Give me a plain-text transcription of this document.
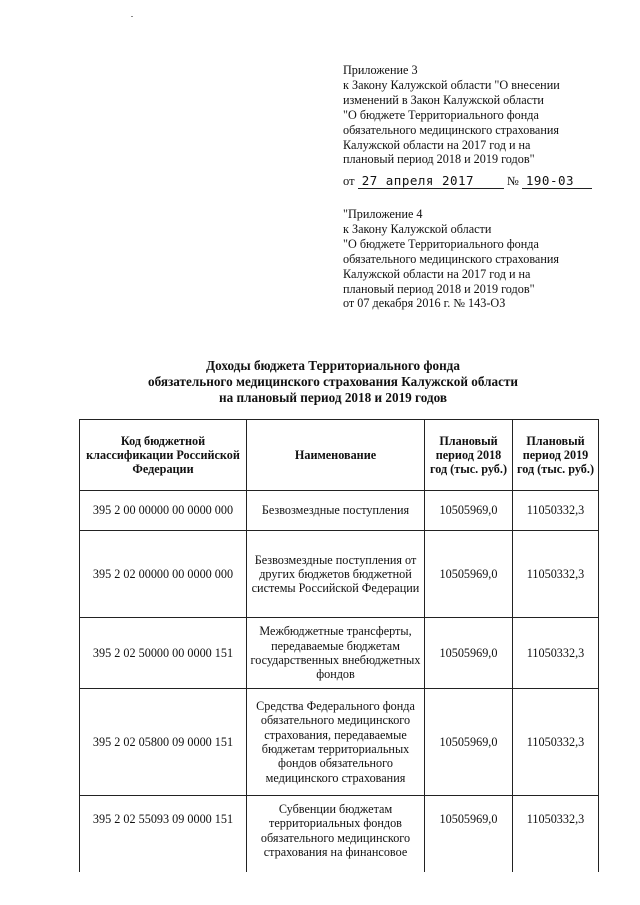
Приложение 3
к Закону Калужской области "О внесении
изменений в Закон Калужской области
"О бюджете Территориального фонда
обязательного медицинского страхования
Калужской области на 2017 год и на
плановый период 2018 и 2019 годов"
от 27 апреля 2017	№ 190-03
"Приложение 4
к Закону Калужской области
"О бюджете Территориального фонда
обязательного медицинского страхования
Калужской области на 2017 год и на
плановый период 2018 и 2019 годов"
от 07 декабря 2016 г. № 143-ОЗ
Доходы бюджета Территориального фонда
обязательного медицинского страхования Калужской области
на плановый период 2018 и 2019 годов
Код бюджетной классификации Российской Федерации	Наименование	Плановый период 2018 год (тыс. руб.)	Плановый период 2019 год (тыс. руб.)
395 2 00 00000 00 0000 000	Безвозмездные поступления	10505969,0	11050332,3
395 2 02 00000 00 0000 000	Безвозмездные поступления от других бюджетов бюджетной системы Российской Федерации	10505969,0	11050332,3
395 2 02 50000 00 0000 151	Межбюджетные трансферты, передаваемые бюджетам государственных внебюджетных фондов	10505969,0	11050332,3
395 2 02 05800 09 0000 151	Средства Федерального фонда обязательного медицинского страхования, передаваемые бюджетам территориальных фондов обязательного медицинского страхования	10505969,0	11050332,3
395 2 02 55093 09 0000 151	Субвенции бюджетам территориальных фондов обязательного медицинского страхования на финансовое	10505969,0	11050332,3
